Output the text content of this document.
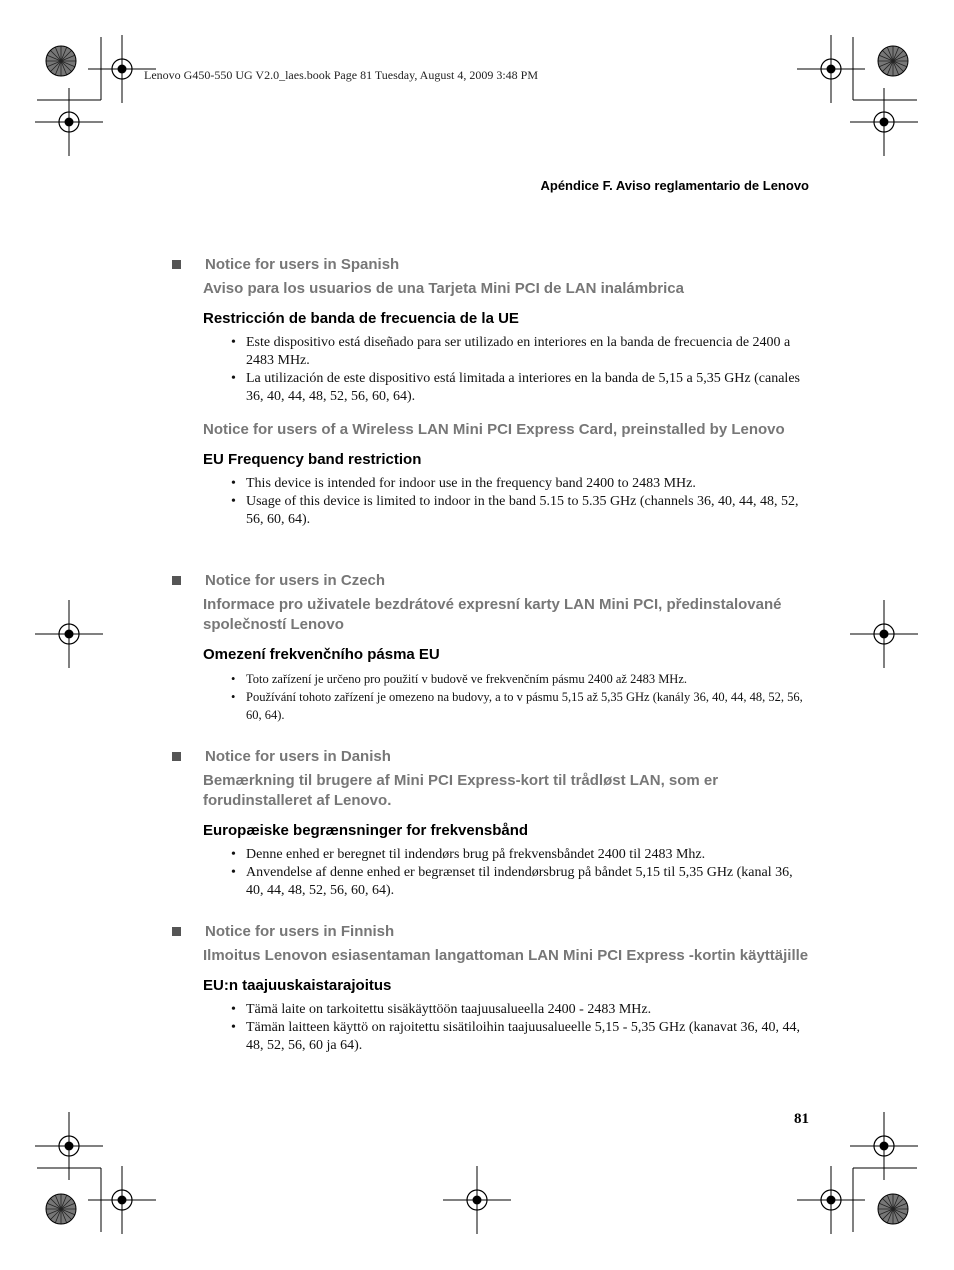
Lenovo G450-550 UG V2.0_laes.book Page 81 Tuesday, August 4, 2009 3:48 PM
Apéndice F. Aviso reglamentario de Lenovo
Notice for users in Spanish
Aviso para los usuarios de una Tarjeta Mini PCI de LAN inalámbrica
Restricción de banda de frecuencia de la UE
• Este dispositivo está diseñado para ser utilizado en interiores en la banda de frecuencia de 2400 a 2483 MHz.
• La utilización de este dispositivo está limitada a interiores en la banda de 5,15 a 5,35 GHz (canales 36, 40, 44, 48, 52, 56, 60, 64).
Notice for users of a Wireless LAN Mini PCI Express Card, preinstalled by Lenovo
EU Frequency band restriction
• This device is intended for indoor use in the frequency band 2400 to 2483 MHz.
• Usage of this device is limited to indoor in the band 5.15 to 5.35 GHz (channels 36, 40, 44, 48, 52, 56, 60, 64).
Notice for users in Czech
Informace pro uživatele bezdrátové expresní karty LAN Mini PCI, předinstalované společností Lenovo
Omezení frekvenčního pásma EU
• Toto zařízení je určeno pro použití v budově ve frekvenčním pásmu 2400 až 2483 MHz.
• Používání tohoto zařízení je omezeno na budovy, a to v pásmu 5,15 až 5,35 GHz (kanály 36, 40, 44, 48, 52, 56, 60, 64).
Notice for users in Danish
Bemærkning til brugere af Mini PCI Express-kort til trådløst LAN, som er forudinstalleret af Lenovo.
Europæiske begrænsninger for frekvensbånd
• Denne enhed er beregnet til indendørs brug på frekvensbåndet 2400 til 2483 Mhz.
• Anvendelse af denne enhed er begrænset til indendørsbrug på båndet 5,15 til 5,35 GHz (kanal 36, 40, 44, 48, 52, 56, 60, 64).
Notice for users in Finnish
Ilmoitus Lenovon esiasentaman langattoman LAN Mini PCI Express -kortin käyttäjille
EU:n taajuuskaistarajoitus
• Tämä laite on tarkoitettu sisäkäyttöön taajuusalueella 2400 - 2483 MHz.
• Tämän laitteen käyttö on rajoitettu sisätiloihin taajuusalueelle 5,15 - 5,35 GHz (kanavat 36, 40, 44, 48, 52, 56, 60 ja 64).
81
